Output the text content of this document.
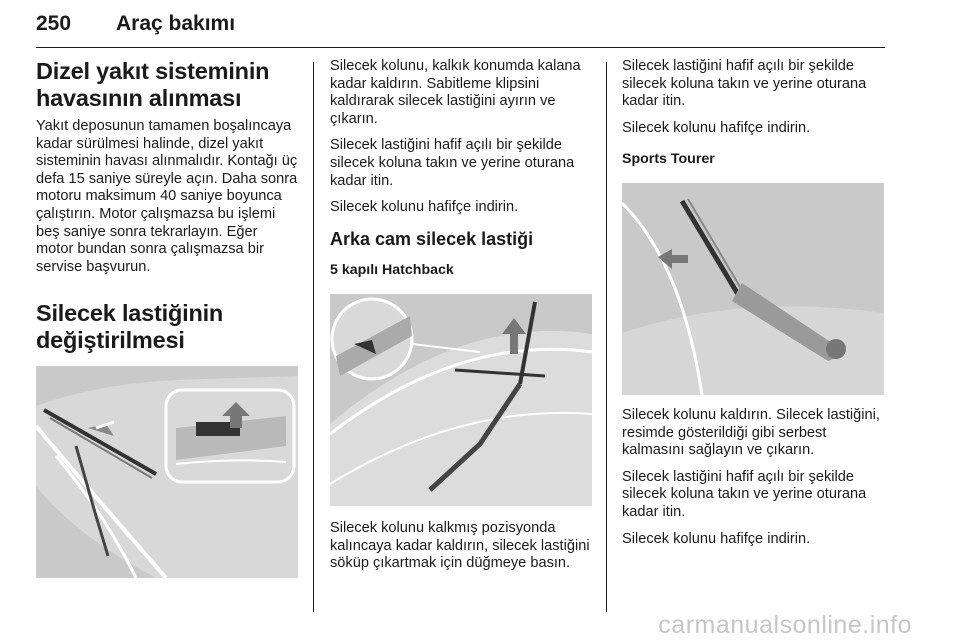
250 Araç bakımı
Dizel yakıt sisteminin havasının alınması

Yakıt deposunun tamamen boşalıncaya kadar sürülmesi halinde, dizel yakıt sisteminin havası alınmalıdır. Kontağı üç defa 15 saniye süreyle açın. Daha sonra motoru maksimum 40 saniye boyunca çalıştırın. Motor çalışmazsa bu işlemi beş saniye sonra tekrarlayın. Eğer motor bundan sonra çalışmazsa bir servise başvurun.

Silecek lastiğinin değiştirilmesi

Silecek kolunu, kalkık konumda kalana kadar kaldırın. Sabitleme klipsini kaldırarak silecek lastiğini ayırın ve çıkarın.

Silecek lastiğini hafif açılı bir şekilde silecek koluna takın ve yerine oturana kadar itin.

Silecek kolunu hafifçe indirin.

Arka cam silecek lastiği
5 kapılı Hatchback

Silecek kolunu kalkmış pozisyonda kalıncaya kadar kaldırın, silecek lastiğini söküp çıkartmak için düğmeye basın.

Silecek lastiğini hafif açılı bir şekilde silecek koluna takın ve yerine oturana kadar itin.

Silecek kolunu hafifçe indirin.

Sports Tourer

Silecek kolunu kaldırın. Silecek lastiğini, resimde gösterildiği gibi serbest kalmasını sağlayın ve çıkarın.

Silecek lastiğini hafif açılı bir şekilde silecek koluna takın ve yerine oturana kadar itin.

Silecek kolunu hafifçe indirin.

carmanualsonline.info
